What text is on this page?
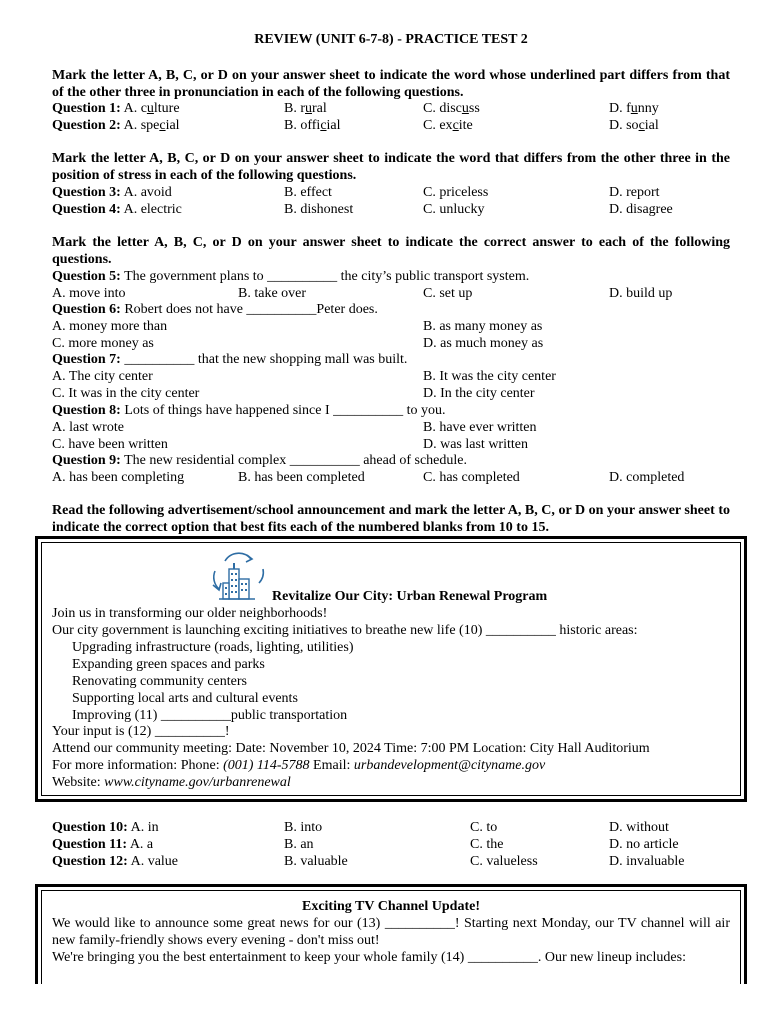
REVIEW (UNIT 6-7-8) - PRACTICE TEST 2
Mark the letter A, B, C, or D on your answer sheet to indicate the word whose underlined part differs from that of the other three in pronunciation in each of the following questions.
Question 1: A. culture	B. rural	C. discuss	D. funny
Question 2: A. special	B. official	C. excite	D. social
Mark the letter A, B, C, or D on your answer sheet to indicate the word that differs from the other three in the position of stress in each of the following questions.
Question 3: A. avoid	B. effect	C. priceless	D. report
Question 4: A. electric	B. dishonest	C. unlucky	D. disagree
Mark the letter A, B, C, or D on your answer sheet to indicate the correct answer to each of the following questions.
Question 5: The government plans to __________ the city’s public transport system.
A. move into	B. take over	C. set up	D. build up
Question 6: Robert does not have __________Peter does.
A. money more than	B. as many money as
C. more money as	D. as much money as
Question 7: __________ that the new shopping mall was built.
A. The city center	B. It was the city center
C. It was in the city center	D. In the city center
Question 8: Lots of things have happened since I __________ to you.
A. last wrote	B. have ever written
C. have been written	D. was last written
Question 9: The new residential complex __________ ahead of schedule.
A. has been completing	B. has been completed	C. has completed	D. completed
Read the following advertisement/school announcement and mark the letter A, B, C, or D on your answer sheet to indicate the correct option that best fits each of the numbered blanks from 10 to 15.
Revitalize Our City: Urban Renewal Program
Join us in transforming our older neighborhoods!
Our city government is launching exciting initiatives to breathe new life (10) __________ historic areas:
Upgrading infrastructure (roads, lighting, utilities)
Expanding green spaces and parks
Renovating community centers
Supporting local arts and cultural events
Improving (11) __________public transportation
Your input is (12) __________!
Attend our community meeting: Date: November 10, 2024 Time: 7:00 PM Location: City Hall Auditorium
For more information: Phone: (001) 114-5788 Email: urbandevelopment@cityname.gov
Website: www.cityname.gov/urbanrenewal
Question 10: A. in	B. into	C. to	D. without
Question 11: A. a	B. an	C. the	D. no article
Question 12: A. value	B. valuable	C. valueless	D. invaluable
Exciting TV Channel Update!
We would like to announce some great news for our (13) __________! Starting next Monday, our TV channel will air new family-friendly shows every evening - don't miss out!
We're bringing you the best entertainment to keep your whole family (14) __________. Our new lineup includes:
